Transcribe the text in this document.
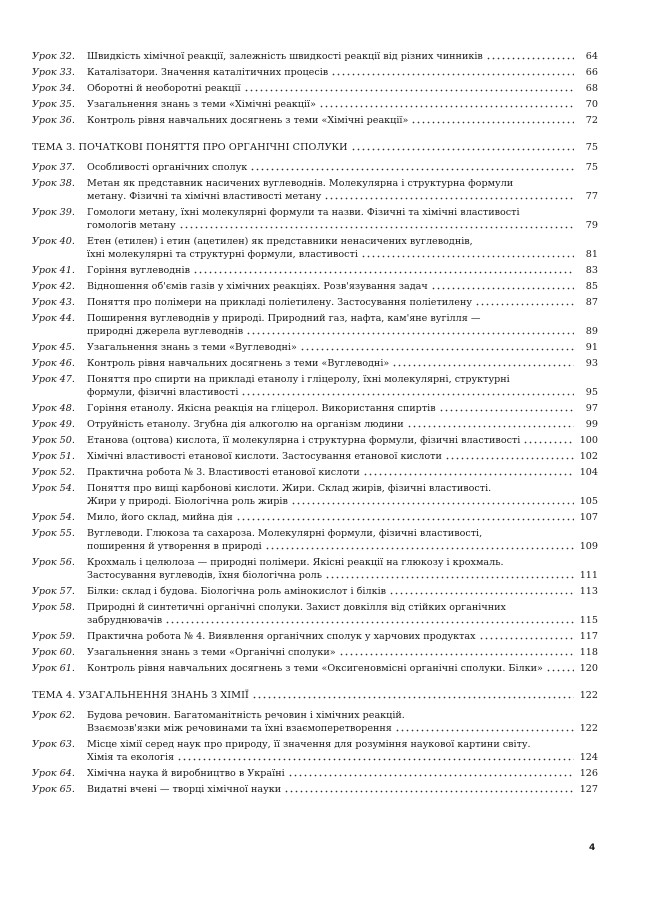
Урок 32.	Швидкість хімічної реакції, залежність швидкості реакції від різних чинників	64
Урок 33.	Каталізатори. Значення каталітичних процесів	66
Урок 34.	Оборотні й необоротні реакції	68
Урок 35.	Узагальнення знань з теми «Хімічні реакції»	70
Урок 36.	Контроль рівня навчальних досягнень з теми «Хімічні реакції»	72
ТЕМА 3. ПОЧАТКОВІ ПОНЯТТЯ ПРО ОРГАНІЧНІ СПОЛУКИ	75
Урок 37.	Особливості органічних сполук	75
Урок 38.	Метан як представник насичених вуглеводнів. Молекулярна і структурна формули
метану. Фізичні та хімічні властивості метану	77
Урок 39.	Гомологи метану, їхні молекулярні формули та назви. Фізичні та хімічні властивості
гомологів метану	79
Урок 40.	Етен (етилен) і етин (ацетилен) як представники ненасичених вуглеводнів,
їхні молекулярні та структурні формули, властивості	81
Урок 41.	Горіння вуглеводнів	83
Урок 42.	Відношення об'ємів газів у хімічних реакціях. Розв'язування задач	85
Урок 43.	Поняття про полімери на прикладі поліетилену. Застосування поліетилену	87
Урок 44.	Поширення вуглеводнів у природі. Природний газ, нафта, кам'яне вугілля —
природні джерела вуглеводнів	89
Урок 45.	Узагальнення знань з теми «Вуглеводні»	91
Урок 46.	Контроль рівня навчальних досягнень з теми «Вуглеводні»	93
Урок 47.	Поняття про спирти на прикладі етанолу і гліцеролу, їхні молекулярні, структурні
формули, фізичні властивості	95
Урок 48.	Горіння етанолу. Якісна реакція на гліцерол. Використання спиртів	97
Урок 49.	Отруйність етанолу. Згубна дія алкоголю на організм людини	99
Урок 50.	Етанова (оцтова) кислота, її молекулярна і структурна формули, фізичні властивості	100
Урок 51.	Хімічні властивості етанової кислоти. Застосування етанової кислоти	102
Урок 52.	Практична робота № 3. Властивості етанової кислоти	104
Урок 54.	Поняття про вищі карбонові кислоти. Жири. Склад жирів, фізичні властивості.
Жири у природі. Біологічна роль жирів	105
Урок 54.	Мило, його склад, мийна дія	107
Урок 55.	Вуглеводи. Глюкоза та сахароза. Молекулярні формули, фізичні властивості,
поширення й утворення в природі	109
Урок 56.	Крохмаль і целюлоза — природні полімери. Якісні реакції на глюкозу і крохмаль.
Застосування вуглеводів, їхня біологічна роль	111
Урок 57.	Білки: склад і будова. Біологічна роль амінокислот і білків	113
Урок 58.	Природні й синтетичні органічні сполуки. Захист довкілля від стійких органічних
забруднювачів	115
Урок 59.	Практична робота № 4. Виявлення органічних сполук у харчових продуктах	117
Урок 60.	Узагальнення знань з теми «Органічні сполуки»	118
Урок 61.	Контроль рівня навчальних досягнень з теми «Оксигеновмісні органічні сполуки. Білки»	120
ТЕМА 4. УЗАГАЛЬНЕННЯ ЗНАНЬ З ХІМІЇ	122
Урок 62.	Будова речовин. Багатоманітність речовин і хімічних реакцій.
Взаємозв'язки між речовинами та їхні взаємоперетворення	122
Урок 63.	Місце хімії серед наук про природу, її значення для розуміння наукової картини світу.
Хімія та екологія	124
Урок 64.	Хімічна наука й виробництво в Україні	126
Урок 65.	Видатні вчені — творці хімічної науки	127
4
